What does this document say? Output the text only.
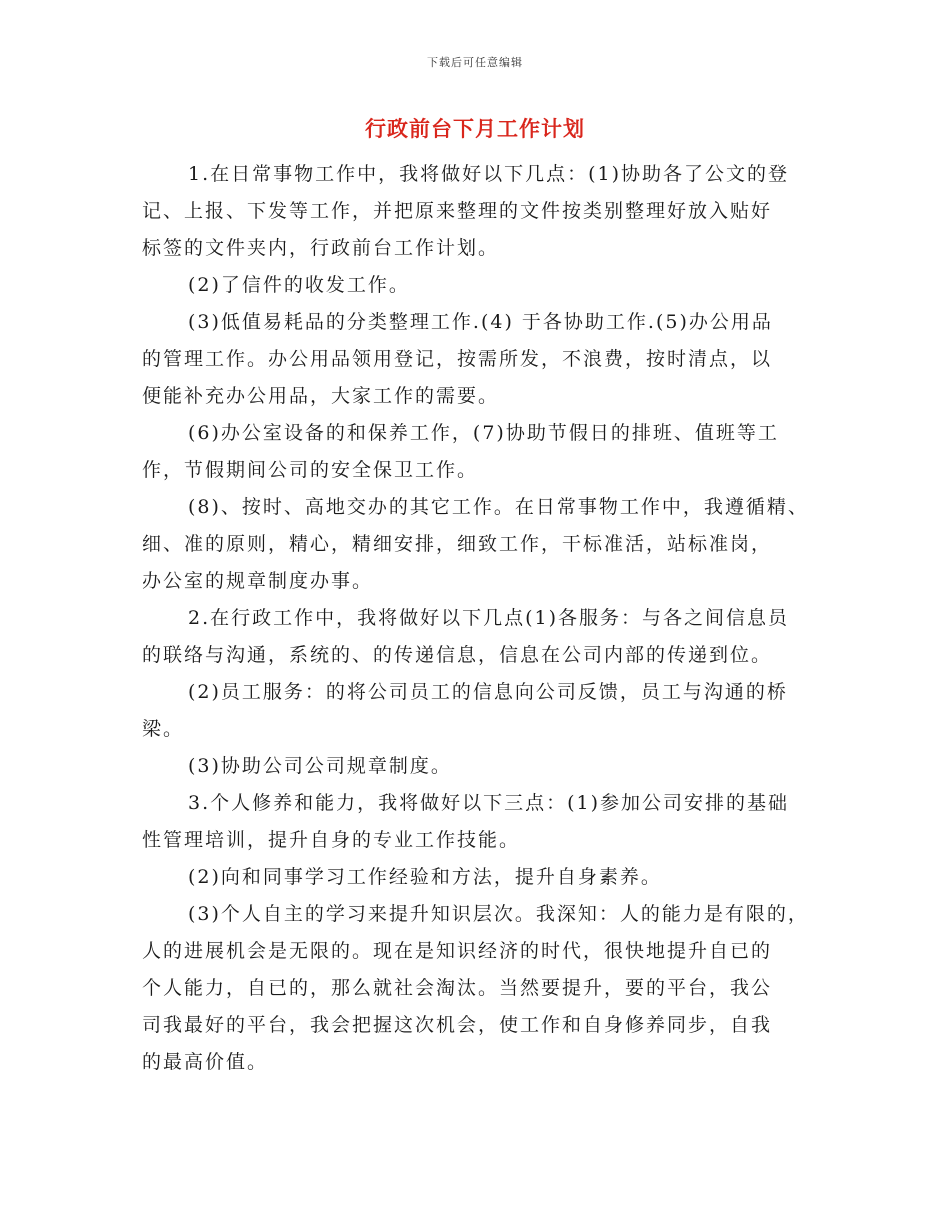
下载后可任意编辑
行政前台下月工作计划

1.在日常事物工作中，我将做好以下几点：(1)协助各了公文的登
记、上报、下发等工作，并把原来整理的文件按类别整理好放入贴好
标签的文件夹内，行政前台工作计划。

(2)了信件的收发工作。

(3)低值易耗品的分类整理工作.(4) 于各协助工作.(5)办公用品
的管理工作。办公用品领用登记，按需所发，不浪费，按时清点，以
便能补充办公用品，大家工作的需要。

(6)办公室设备的和保养工作，(7)协助节假日的排班、值班等工
作，节假期间公司的安全保卫工作。

(8)、按时、高地交办的其它工作。在日常事物工作中，我遵循精、
细、准的原则，精心，精细安排，细致工作，干标准活，站标准岗，
办公室的规章制度办事。

2.在行政工作中，我将做好以下几点(1)各服务：与各之间信息员
的联络与沟通，系统的、的传递信息，信息在公司内部的传递到位。

(2)员工服务：的将公司员工的信息向公司反馈，员工与沟通的桥
梁。

(3)协助公司公司规章制度。

3.个人修养和能力，我将做好以下三点：(1)参加公司安排的基础
性管理培训，提升自身的专业工作技能。

(2)向和同事学习工作经验和方法，提升自身素养。

(3)个人自主的学习来提升知识层次。我深知：人的能力是有限的，
人的进展机会是无限的。现在是知识经济的时代，很快地提升自已的
个人能力，自已的，那么就社会淘汰。当然要提升，要的平台，我公
司我最好的平台，我会把握这次机会，使工作和自身修养同步，自我
的最高价值。
